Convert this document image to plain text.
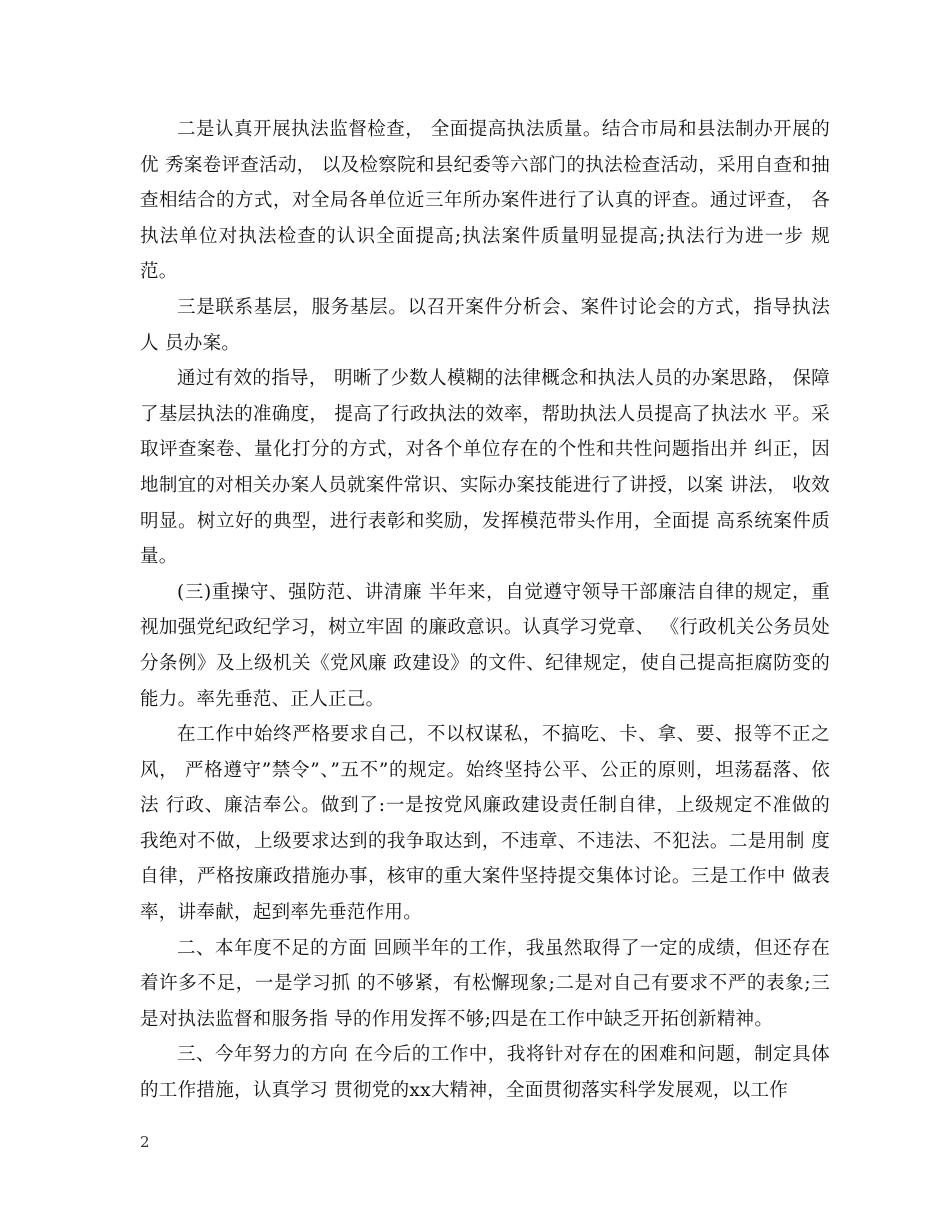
二是认真开展执法监督检查， 全面提高执法质量。结合市局和县法制办开展的优 秀案卷评查活动， 以及检察院和县纪委等六部门的执法检查活动，采用自查和抽 查相结合的方式，对全局各单位近三年所办案件进行了认真的评查。通过评查， 各执法单位对执法检查的认识全面提高;执法案件质量明显提高;执法行为进一步 规范。

三是联系基层，服务基层。以召开案件分析会、案件讨论会的方式，指导执法人 员办案。

通过有效的指导， 明晰了少数人模糊的法律概念和执法人员的办案思路， 保障了基层执法的准确度， 提高了行政执法的效率，帮助执法人员提高了执法水 平。采取评查案卷、量化打分的方式，对各个单位存在的个性和共性问题指出并 纠正，因地制宜的对相关办案人员就案件常识、实际办案技能进行了讲授，以案 讲法， 收效明显。树立好的典型，进行表彰和奖励，发挥模范带头作用，全面提 高系统案件质量。

(三)重操守、强防范、讲清廉 半年来，自觉遵守领导干部廉洁自律的规定，重视加强党纪政纪学习，树立牢固 的廉政意识。认真学习党章、 《行政机关公务员处分条例》及上级机关《党风廉 政建设》的文件、纪律规定，使自己提高拒腐防变的能力。率先垂范、正人正己。

在工作中始终严格要求自己，不以权谋私，不搞吃、卡、拿、要、报等不正之风， 严格遵守”禁令”、”五不”的规定。始终坚持公平、公正的原则，坦荡磊落、依法 行政、廉洁奉公。做到了:一是按党风廉政建设责任制自律，上级规定不准做的 我绝对不做，上级要求达到的我争取达到，不违章、不违法、不犯法。二是用制 度自律，严格按廉政措施办事，核审的重大案件坚持提交集体讨论。三是工作中 做表率，讲奉献，起到率先垂范作用。

二、本年度不足的方面 回顾半年的工作，我虽然取得了一定的成绩，但还存在着许多不足，一是学习抓 的不够紧，有松懈现象;二是对自己有要求不严的表象;三是对执法监督和服务指 导的作用发挥不够;四是在工作中缺乏开拓创新精神。

三、今年努力的方向 在今后的工作中，我将针对存在的困难和问题，制定具体的工作措施，认真学习 贯彻党的xx大精神，全面贯彻落实科学发展观，以工作

2
